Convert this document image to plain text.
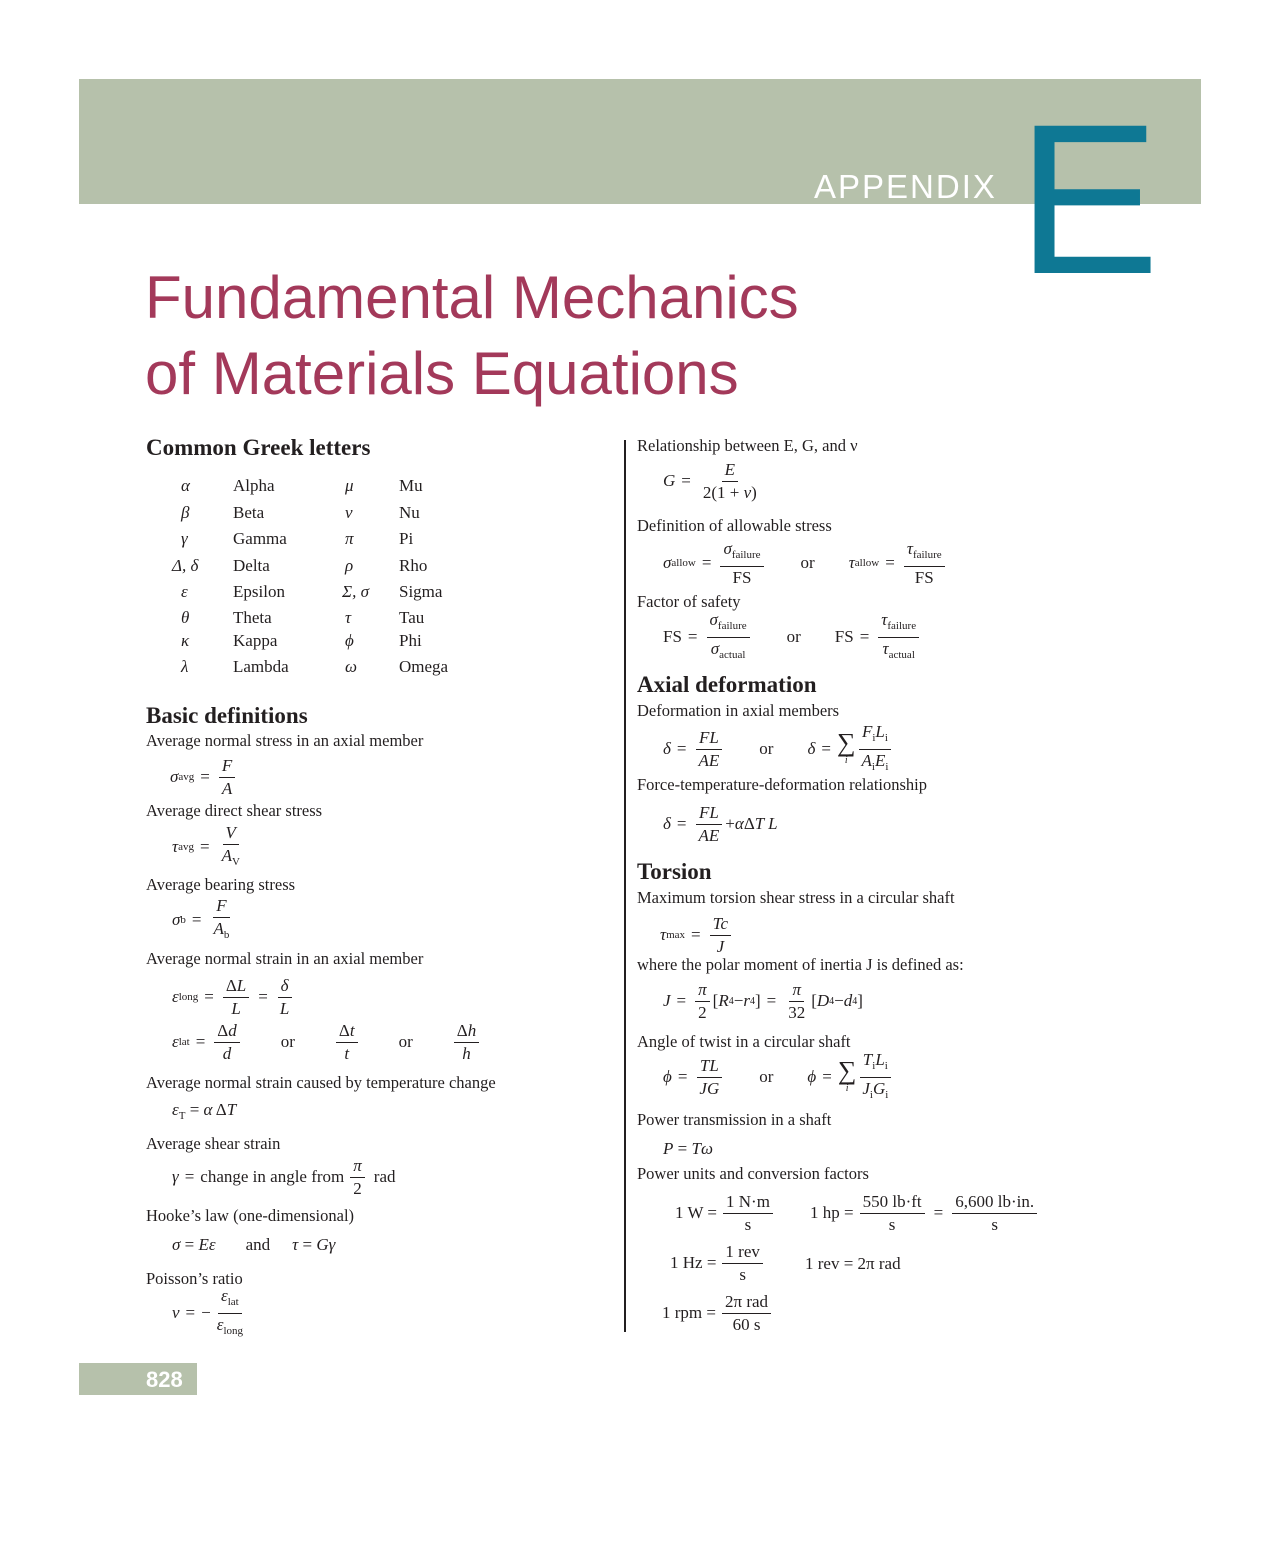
APPENDIX E
Fundamental Mechanics
of Materials Equations
Common Greek letters
α	Alpha	μ	Mu
β	Beta	ν	Nu
γ	Gamma	π	Pi
Δ, δ Delta	ρ	Rho
ε	Epsilon	Σ, σ Sigma
θ	Theta	τ	Tau
κ	Kappa	ϕ	Phi
λ	Lambda	ω Omega
Basic definitions
Average normal stress in an axial member
σ avg = $\frac{F}{A}$
Average direct shear stress
τ avg = $\frac{V}{A_V}$
Average bearing stress
σ $b = \frac{F}{A_b}$
Average normal strain in an axial member
ε long = $\frac{\Delta L}{L} = \frac{\delta}{L}$
ε lat = $\frac{\Delta d}{d}$ or $\frac{\Delta t}{t}$ or $\frac{\Delta h}{h}$
Average normal strain caused by temperature change
$\varepsilon_T = \alpha$ ΔT
Average shear strain
γ = change in angle from $\frac{\pi}{2}$ rad
Hooke’s law (one-dimensional)
σ = Eε and τ = Gγ
Poisson’s ratio
ν = − $\frac{\varepsilon_{lat}}{\varepsilon_{long}}$
Relationship between E, G, and ν
$G = \frac{E}{2(1 + \nu)}$
Definition of allowable stress
σ allow = $\frac{\sigma_{failure}}{FS}$ or τ allow = $\frac{\tau_{failure}}{FS}$
Factor of safety
FS = $\frac{\sigma_{failure}}{\sigma_{actual}}$ or FS = $\frac{\tau_{failure}}{\tau_{actual}}$
Axial deformation
Deformation in axial members
$\delta = \frac{FL}{AE}$ or δ = ∑
i $\frac{F_iL_i}{A_iE_i}$
Force-temperature-deformation relationship
$\delta = \frac{FL}{AE} + \alpha$ Δ T L
Torsion
Maximum torsion shear stress in a circular shaft
τ $\max = \frac{Tc}{J}$
where the polar moment of inertia J is defined as:
$J = \frac{\pi}{2}$ [ R 4 − r 4 ] = $\frac{\pi}{32}$ [ D 4 − d 4 ]
Angle of twist in a circular shaft
$\phi = \frac{TL}{JG}$ or ϕ = ∑
i $\frac{T_iL_i}{J_iG_i}$
Power transmission in a shaft
P = Tω
Power units and conversion factors
1 $W = \frac{1 N\cdot m}{s} 1$ hp = $\frac{550 lb\cdot ft}{s} = \frac{6,600 lb\cdot in.}{s}$
1 $Hz = \frac{\text{1 rev}}{s} 1$ rev = 2π rad
1 rpm = $\frac{\text{2π rad}}{60 s}$
828
